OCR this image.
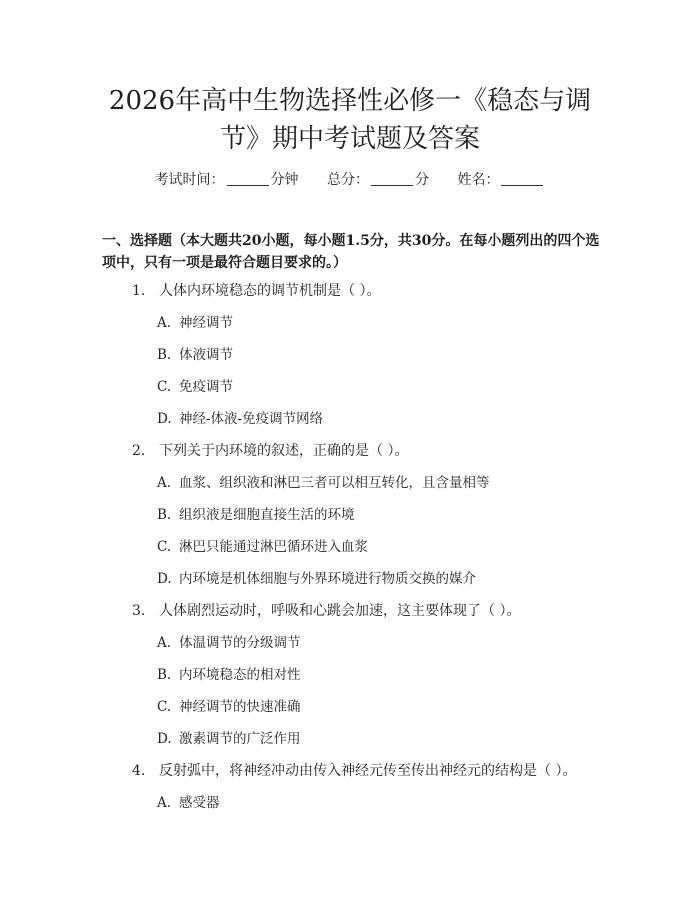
2026年高中生物选择性必修一《稳态与调
节》期中考试题及答案
考试时间：	分钟 总分：	分 姓名：

一、选择题（本大题共20小题，每小题1.5分，共30分。在每小题列出的四个选项中，只有一项是最符合题目要求的。）

1. 人体内环境稳态的调节机制是（ ）。
A. 神经调节
B. 体液调节
C. 免疫调节
D. 神经-体液-免疫调节网络
2. 下列关于内环境的叙述，正确的是（ ）。
A. 血浆、组织液和淋巴三者可以相互转化，且含量相等
B. 组织液是细胞直接生活的环境
C. 淋巴只能通过淋巴循环进入血浆
D. 内环境是机体细胞与外界环境进行物质交换的媒介
3. 人体剧烈运动时，呼吸和心跳会加速，这主要体现了（ ）。
A. 体温调节的分级调节
B. 内环境稳态的相对性
C. 神经调节的快速准确
D. 激素调节的广泛作用
4. 反射弧中，将神经冲动由传入神经元传至传出神经元的结构是（ ）。
A. 感受器
